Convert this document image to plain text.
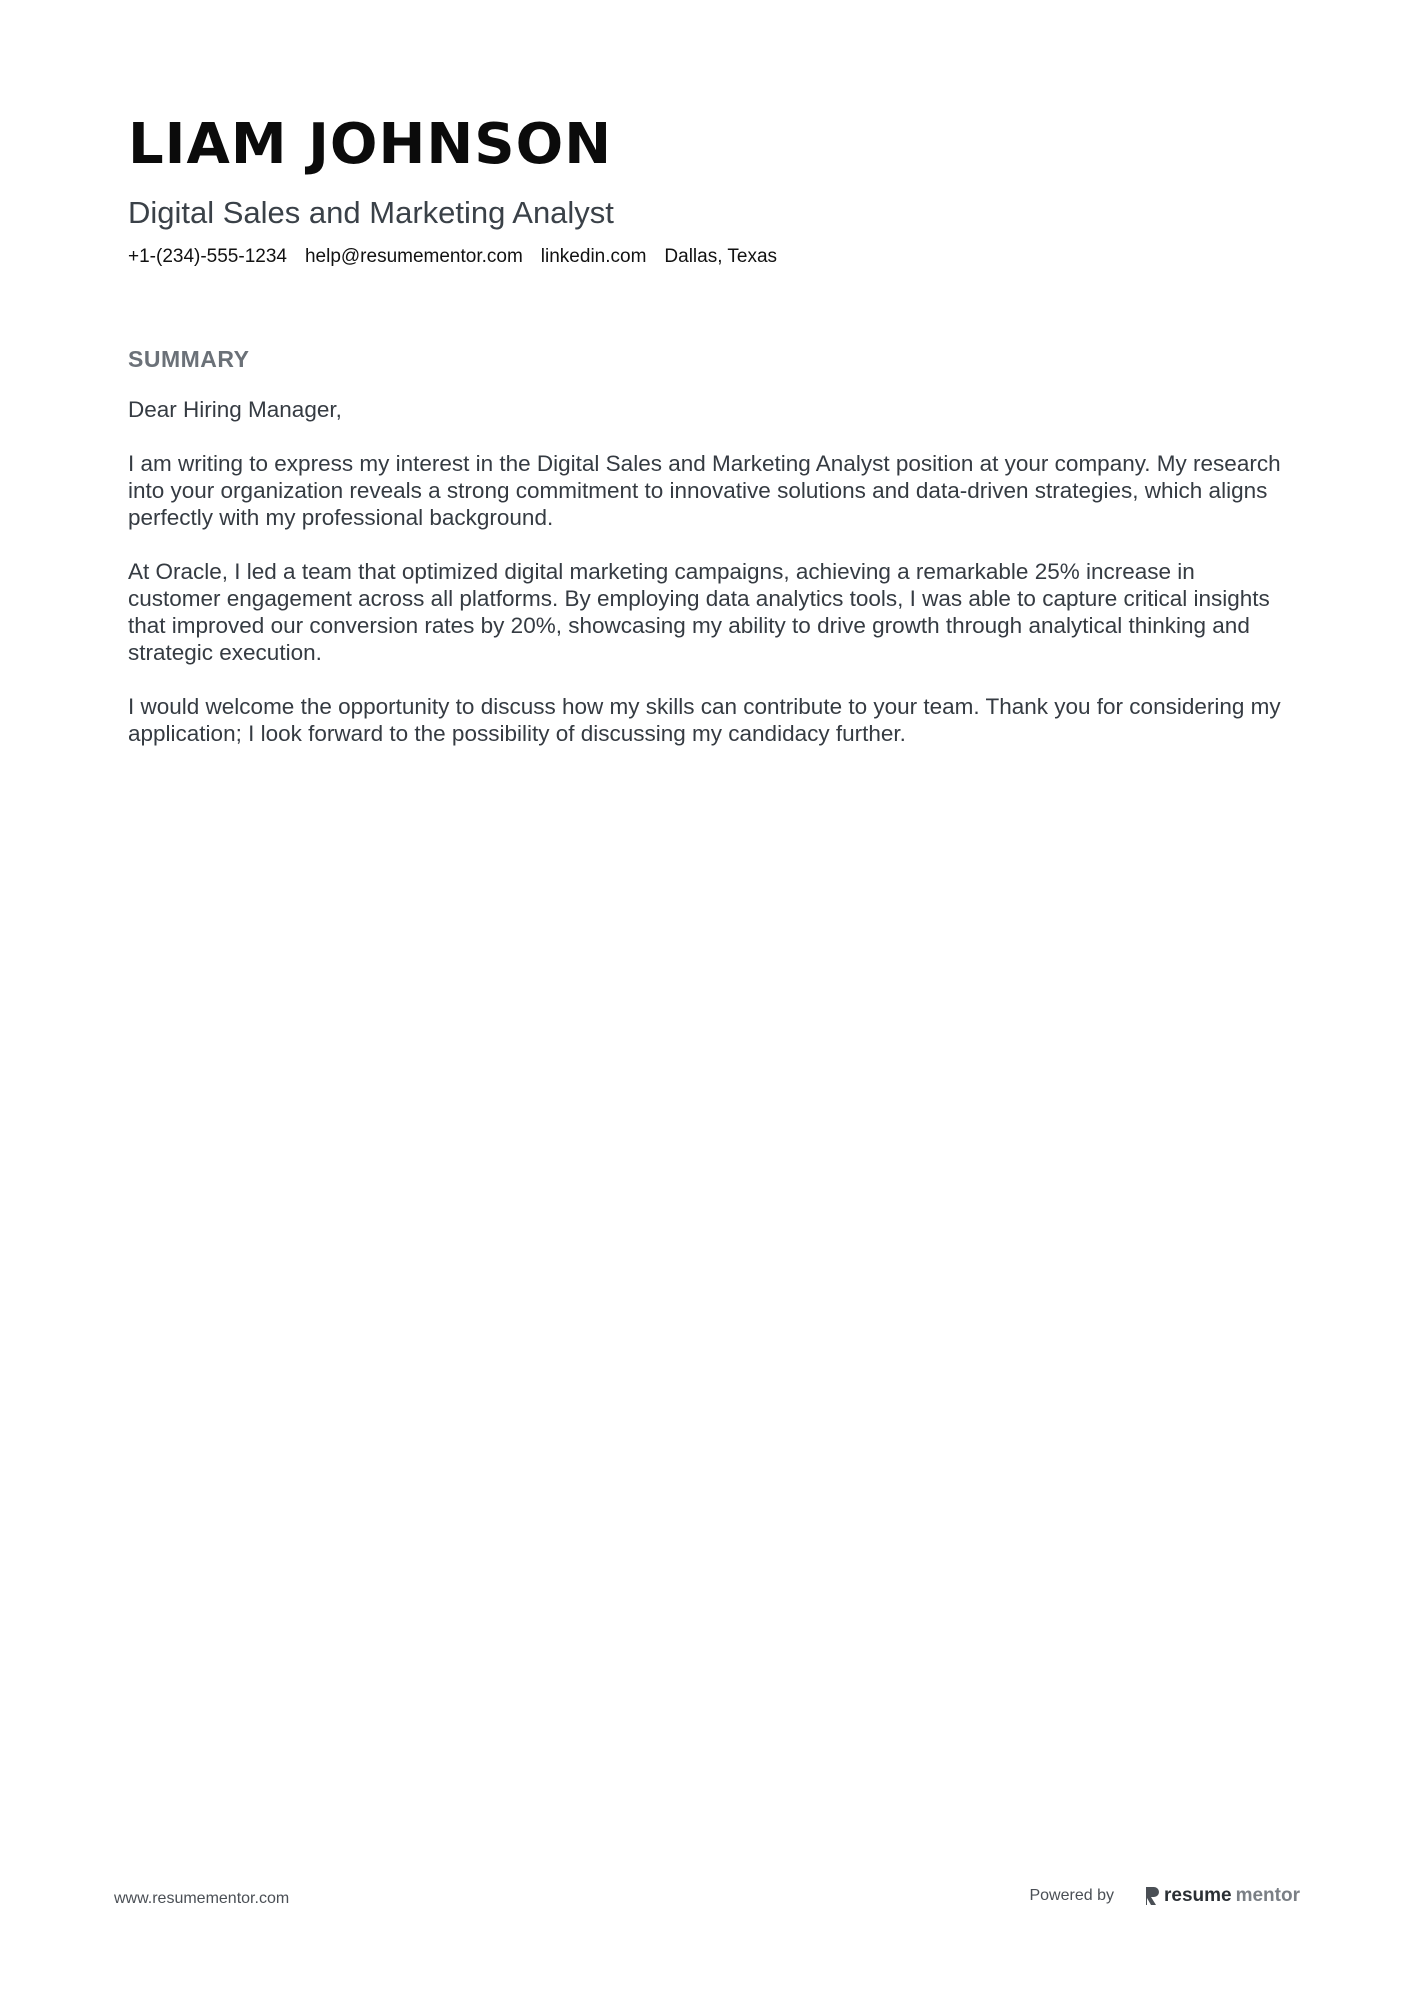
LIAM JOHNSON
Digital Sales and Marketing Analyst
+1-(234)-555-1234 help@resumementor.com linkedin.com Dallas, Texas
SUMMARY

Dear Hiring Manager,

I am writing to express my interest in the Digital Sales and Marketing Analyst position at your company. My research into your organization reveals a strong commitment to innovative solutions and data-driven strategies, which aligns perfectly with my professional background.

At Oracle, I led a team that optimized digital marketing campaigns, achieving a remarkable 25% increase in customer engagement across all platforms. By employing data analytics tools, I was able to capture critical insights that improved our conversion rates by 20%, showcasing my ability to drive growth through analytical thinking and strategic execution.

I would welcome the opportunity to discuss how my skills can contribute to your team. Thank you for considering my application; I look forward to the possibility of discussing my candidacy further.

www.resumementor.com	Powered by	resume mentor
